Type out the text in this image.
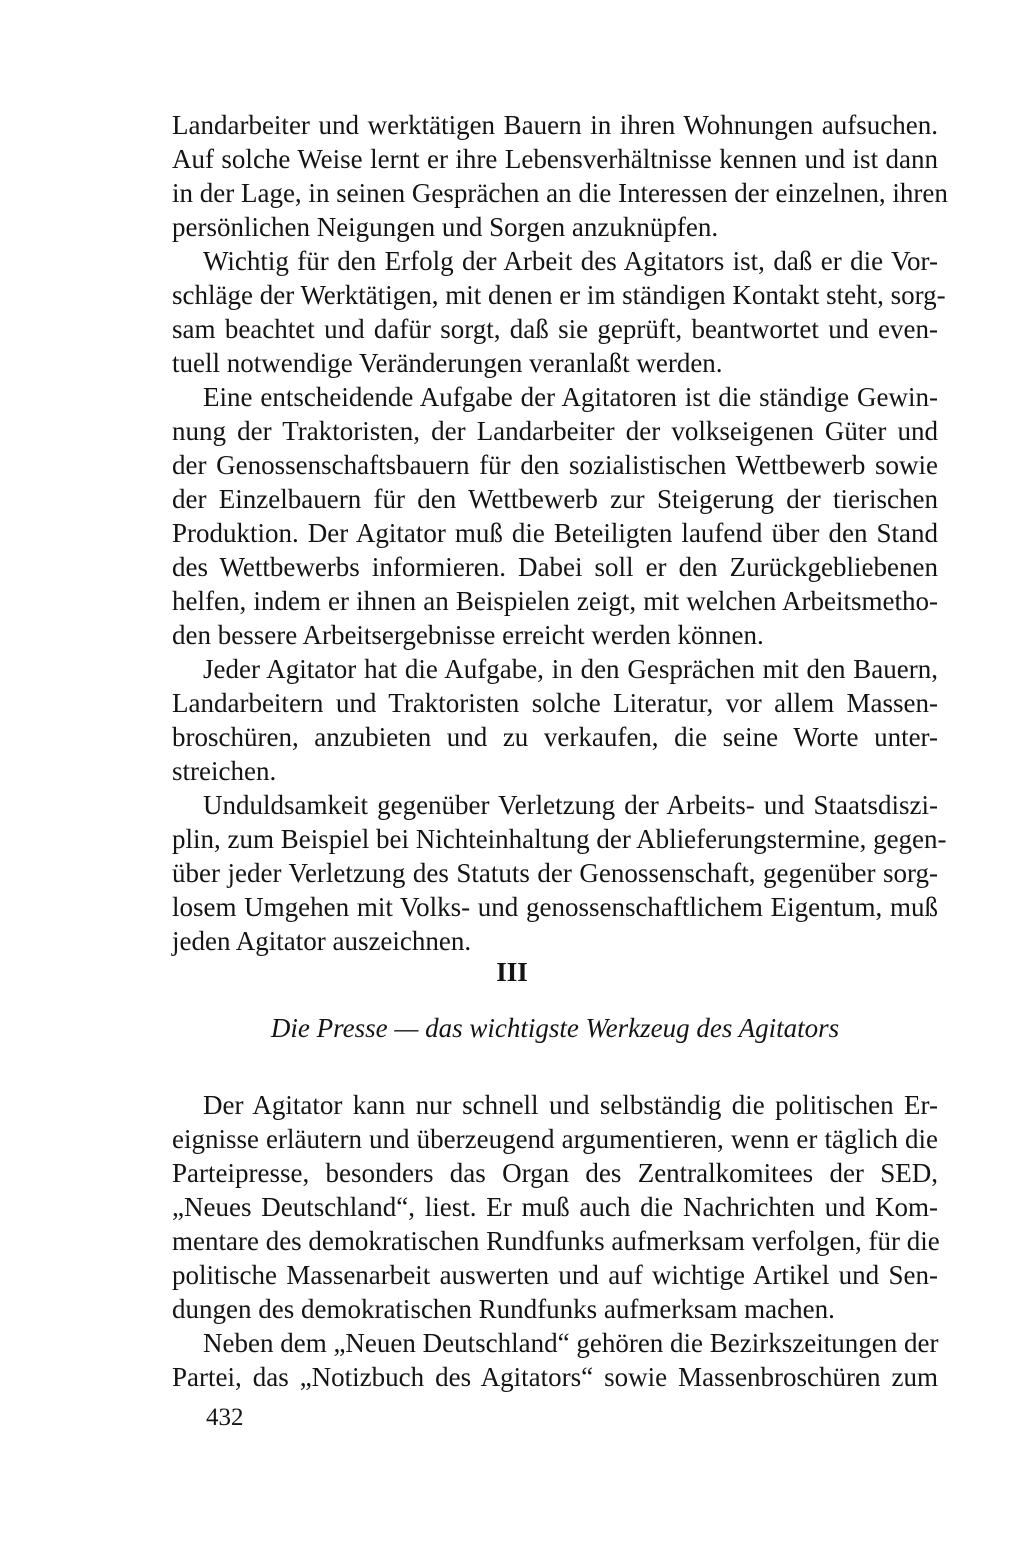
Landarbeiter und werktätigen Bauern in ihren Wohnungen aufsuchen.
Auf solche Weise lernt er ihre Lebensverhältnisse kennen und ist dann
in der Lage, in seinen Gesprächen an die Interessen der einzelnen, ihren
persönlichen Neigungen und Sorgen anzuknüpfen.
Wichtig für den Erfolg der Arbeit des Agitators ist, daß er die Vor-
schläge der Werktätigen, mit denen er im ständigen Kontakt steht, sorg-
sam beachtet und dafür sorgt, daß sie geprüft, beantwortet und even-
tuell notwendige Veränderungen veranlaßt werden.
Eine entscheidende Aufgabe der Agitatoren ist die ständige Gewin-
nung der Traktoristen, der Landarbeiter der volkseigenen Güter und
der Genossenschaftsbauern für den sozialistischen Wettbewerb sowie
der Einzelbauern für den Wettbewerb zur Steigerung der tierischen
Produktion. Der Agitator muß die Beteiligten laufend über den Stand
des Wettbewerbs informieren. Dabei soll er den Zurückgebliebenen
helfen, indem er ihnen an Beispielen zeigt, mit welchen Arbeitsmetho-
den bessere Arbeitsergebnisse erreicht werden können.
Jeder Agitator hat die Aufgabe, in den Gesprächen mit den Bauern,
Landarbeitern und Traktoristen solche Literatur, vor allem Massen-
broschüren, anzubieten und zu verkaufen, die seine Worte unter-
streichen.
Unduldsamkeit gegenüber Verletzung der Arbeits- und Staatsdiszi-
plin, zum Beispiel bei Nichteinhaltung der Ablieferungstermine, gegen-
über jeder Verletzung des Statuts der Genossenschaft, gegenüber sorg-
losem Umgehen mit Volks- und genossenschaftlichem Eigentum, muß
jeden Agitator auszeichnen.
III
Die Presse — das wichtigste Werkzeug des Agitators
Der Agitator kann nur schnell und selbständig die politischen Er-
eignisse erläutern und überzeugend argumentieren, wenn er täglich die
Parteipresse, besonders das Organ des Zentralkomitees der SED,
„Neues Deutschland“, liest. Er muß auch die Nachrichten und Kom-
mentare des demokratischen Rundfunks aufmerksam verfolgen, für die
politische Massenarbeit auswerten und auf wichtige Artikel und Sen-
dungen des demokratischen Rundfunks aufmerksam machen.
Neben dem „Neuen Deutschland“ gehören die Bezirkszeitungen der
Partei, das „Notizbuch des Agitators“ sowie Massenbroschüren zum
432
